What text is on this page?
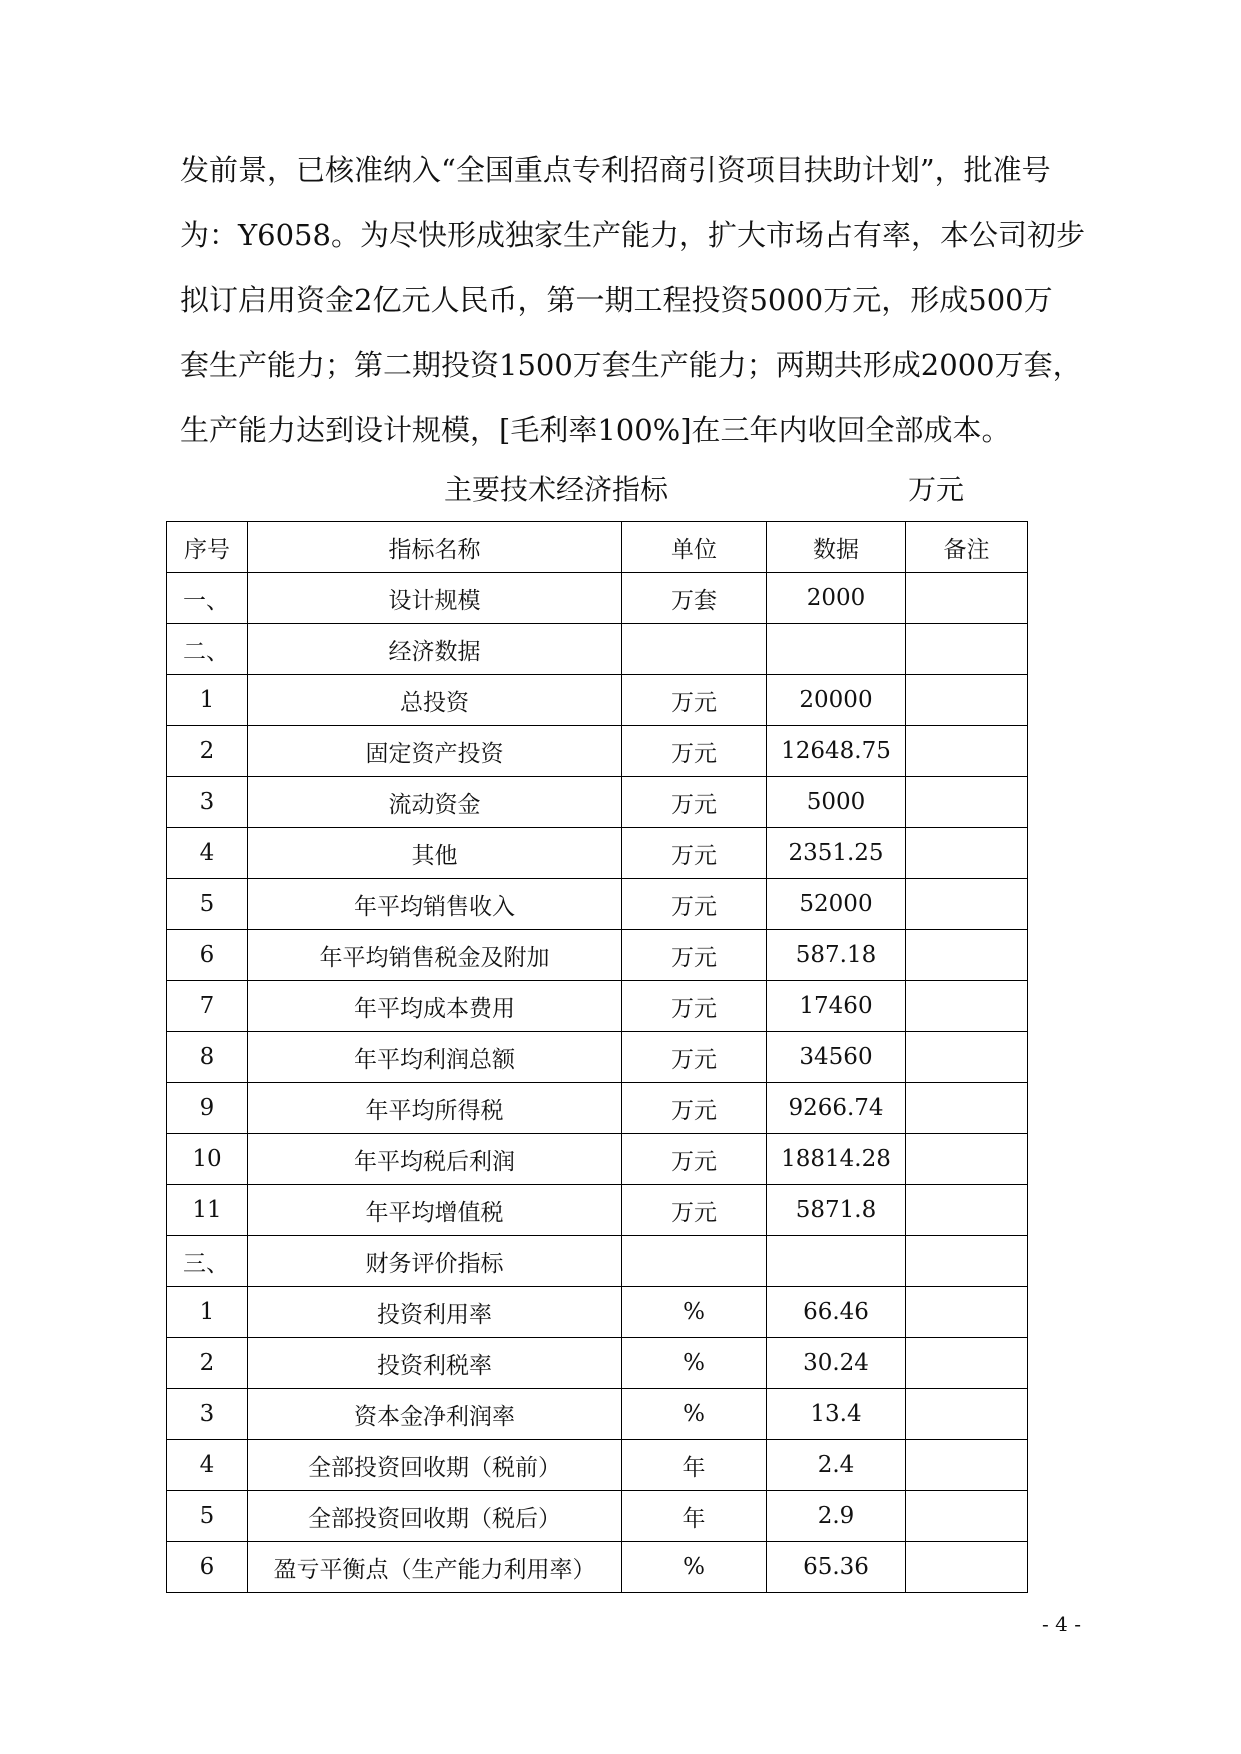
发前景，已核准纳入“全国重点专利招商引资项目扶助计划”，批准号
为：Y6058。为尽快形成独家生产能力，扩大市场占有率，本公司初步
拟订启用资金2亿元人民币，第一期工程投资5000万元，形成500万
套生产能力；第二期投资1500万套生产能力；两期共形成2000万套，
生产能力达到设计规模，[毛利率100%]在三年内收回全部成本。
主要技术经济指标	万元
序号	指标名称	单位	数据	备注
一、	设计规模	万套	2000	
二、	经济数据			
1	总投资	万元	20000	
2	固定资产投资	万元	12648.75	
3	流动资金	万元	5000	
4	其他	万元	2351.25	
5	年平均销售收入	万元	52000	
6	年平均销售税金及附加	万元	587.18	
7	年平均成本费用	万元	17460	
8	年平均利润总额	万元	34560	
9	年平均所得税	万元	9266.74	
10	年平均税后利润	万元	18814.28	
11	年平均增值税	万元	5871.8	
三、	财务评价指标			
1	投资利用率	%	66.46	
2	投资利税率	%	30.24	
3	资本金净利润率	%	13.4	
4	全部投资回收期（税前）	年	2.4	
5	全部投资回收期（税后）	年	2.9	
6	盈亏平衡点（生产能力利用率）	%	65.36	
- 4 -
